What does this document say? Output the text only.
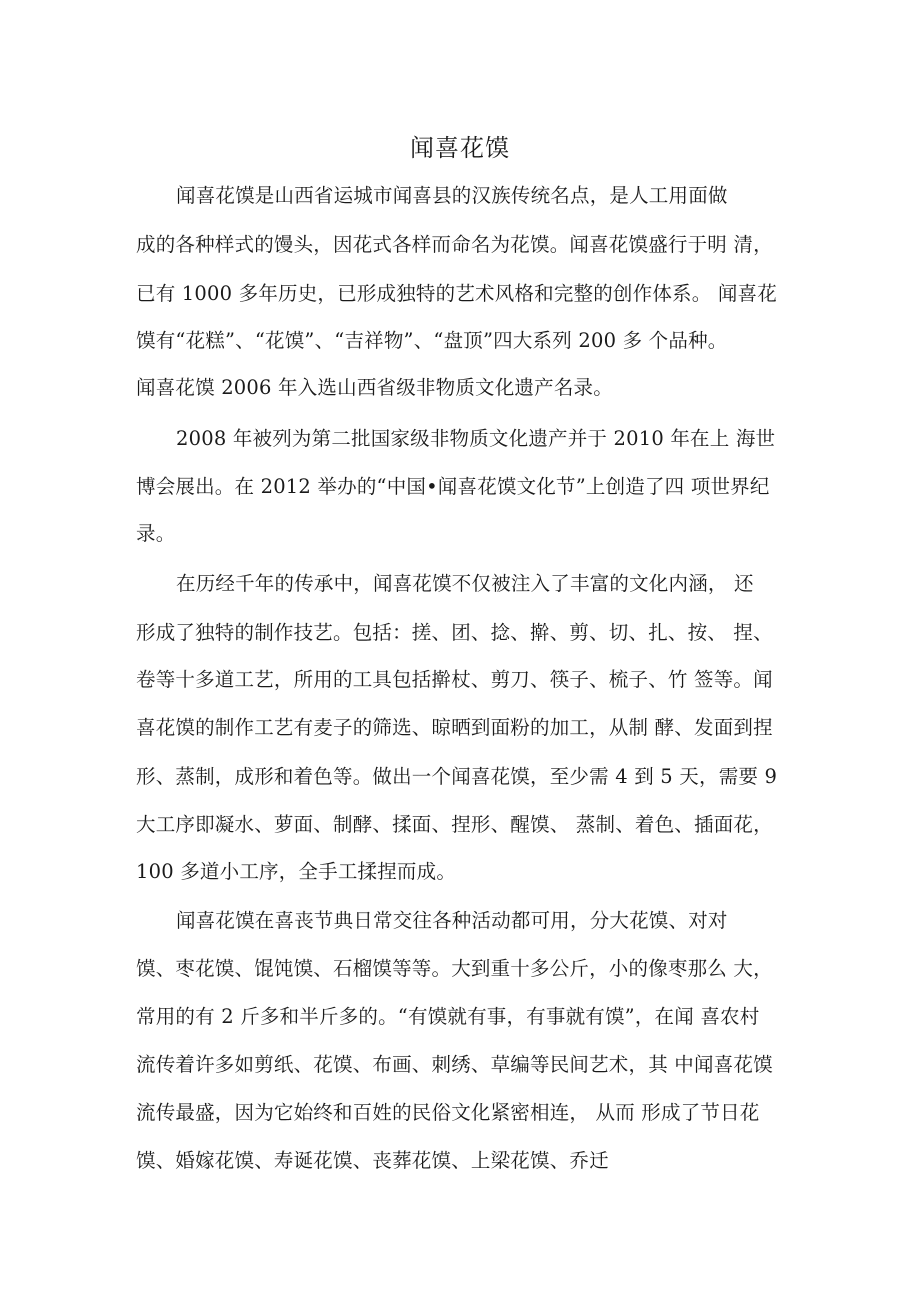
闻喜花馍
闻喜花馍是山西省运城市闻喜县的汉族传统名点，是人工用面做
成的各种样式的馒头，因花式各样而命名为花馍。闻喜花馍盛行于明 清，
已有 1000 多年历史，已形成独特的艺术风格和完整的创作体系。 闻喜花
馍有“花糕”、“花馍”、“吉祥物”、“盘顶”四大系列 200 多 个品种。
闻喜花馍 2006 年入选山西省级非物质文化遗产名录。
2008 年被列为第二批国家级非物质文化遗产并于 2010 年在上 海世
博会展出。在 2012 举办的“中国•闻喜花馍文化节”上创造了四 项世界纪
录。
在历经千年的传承中，闻喜花馍不仅被注入了丰富的文化内涵， 还
形成了独特的制作技艺。包括：搓、团、捻、擀、剪、切、扎、按、 捏、
卷等十多道工艺，所用的工具包括擀杖、剪刀、筷子、梳子、竹 签等。闻
喜花馍的制作工艺有麦子的筛选、晾晒到面粉的加工，从制 酵、发面到捏
形、蒸制，成形和着色等。做出一个闻喜花馍，至少需 4 到 5 天，需要 9
大工序即凝水、萝面、制酵、揉面、捏形、醒馍、 蒸制、着色、插面花，
100 多道小工序，全手工揉捏而成。
闻喜花馍在喜丧节典日常交往各种活动都可用，分大花馍、对对
馍、枣花馍、馄饨馍、石榴馍等等。大到重十多公斤，小的像枣那么 大，
常用的有 2 斤多和半斤多的。“有馍就有事，有事就有馍”，在闻 喜农村
流传着许多如剪纸、花馍、布画、刺绣、草编等民间艺术，其 中闻喜花馍
流传最盛，因为它始终和百姓的民俗文化紧密相连， 从而 形成了节日花
馍、婚嫁花馍、寿诞花馍、丧葬花馍、上梁花馍、乔迁
